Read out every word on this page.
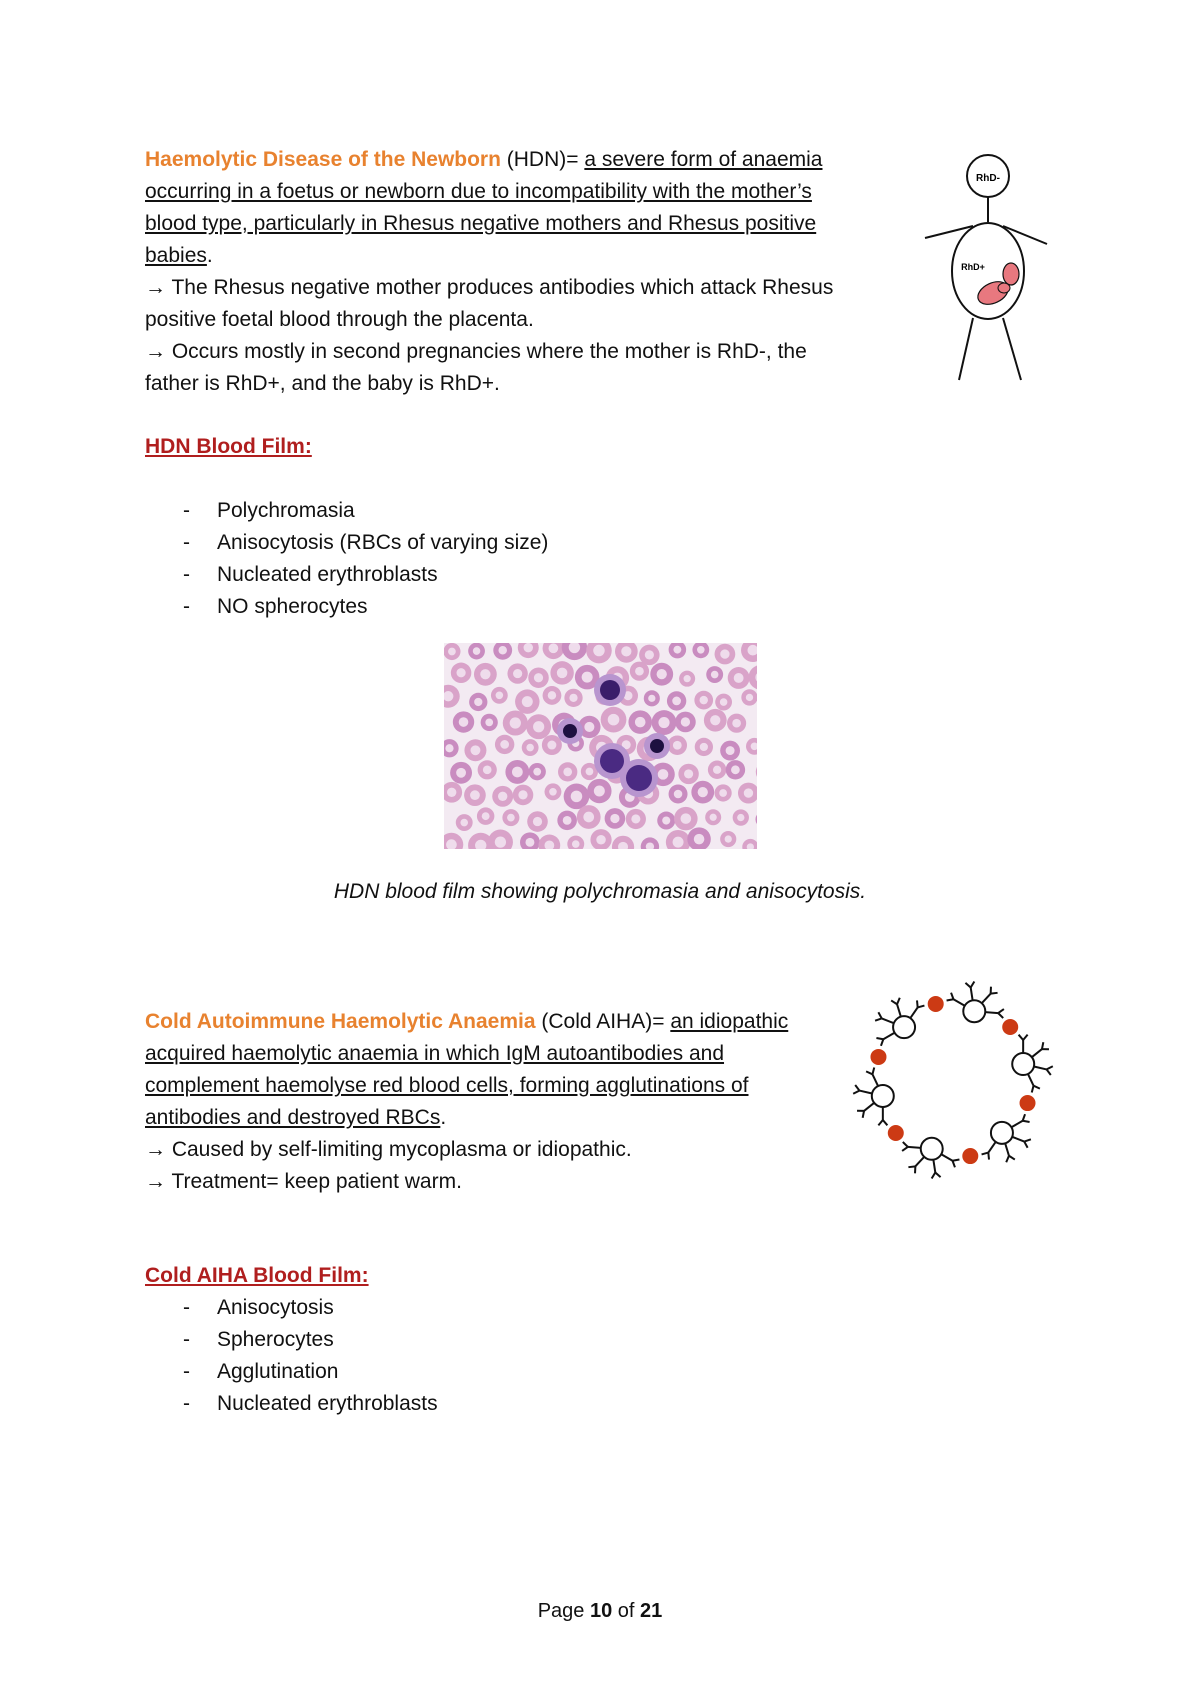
Haemolytic Disease of the Newborn (HDN)= a severe form of anaemia
occurring in a foetus or newborn due to incompatibility with the mother’s
blood type, particularly in Rhesus negative mothers and Rhesus positive
babies.
→ The Rhesus negative mother produces antibodies which attack Rhesus
positive foetal blood through the placenta.
→ Occurs mostly in second pregnancies where the mother is RhD-, the
father is RhD+, and the baby is RhD+.
RhD-
RhD+
HDN Blood Film:
- Polychromasia
- Anisocytosis (RBCs of varying size)
- Nucleated erythroblasts
- NO spherocytes
HDN blood film showing polychromasia and anisocytosis.
Cold Autoimmune Haemolytic Anaemia (Cold AIHA)= an idiopathic
acquired haemolytic anaemia in which IgM autoantibodies and
complement haemolyse red blood cells, forming agglutinations of
antibodies and destroyed RBCs.
→ Caused by self-limiting mycoplasma or idiopathic.
→ Treatment= keep patient warm.
Cold AIHA Blood Film:
- Anisocytosis
- Spherocytes
- Agglutination
- Nucleated erythroblasts
Page 10 of 21
